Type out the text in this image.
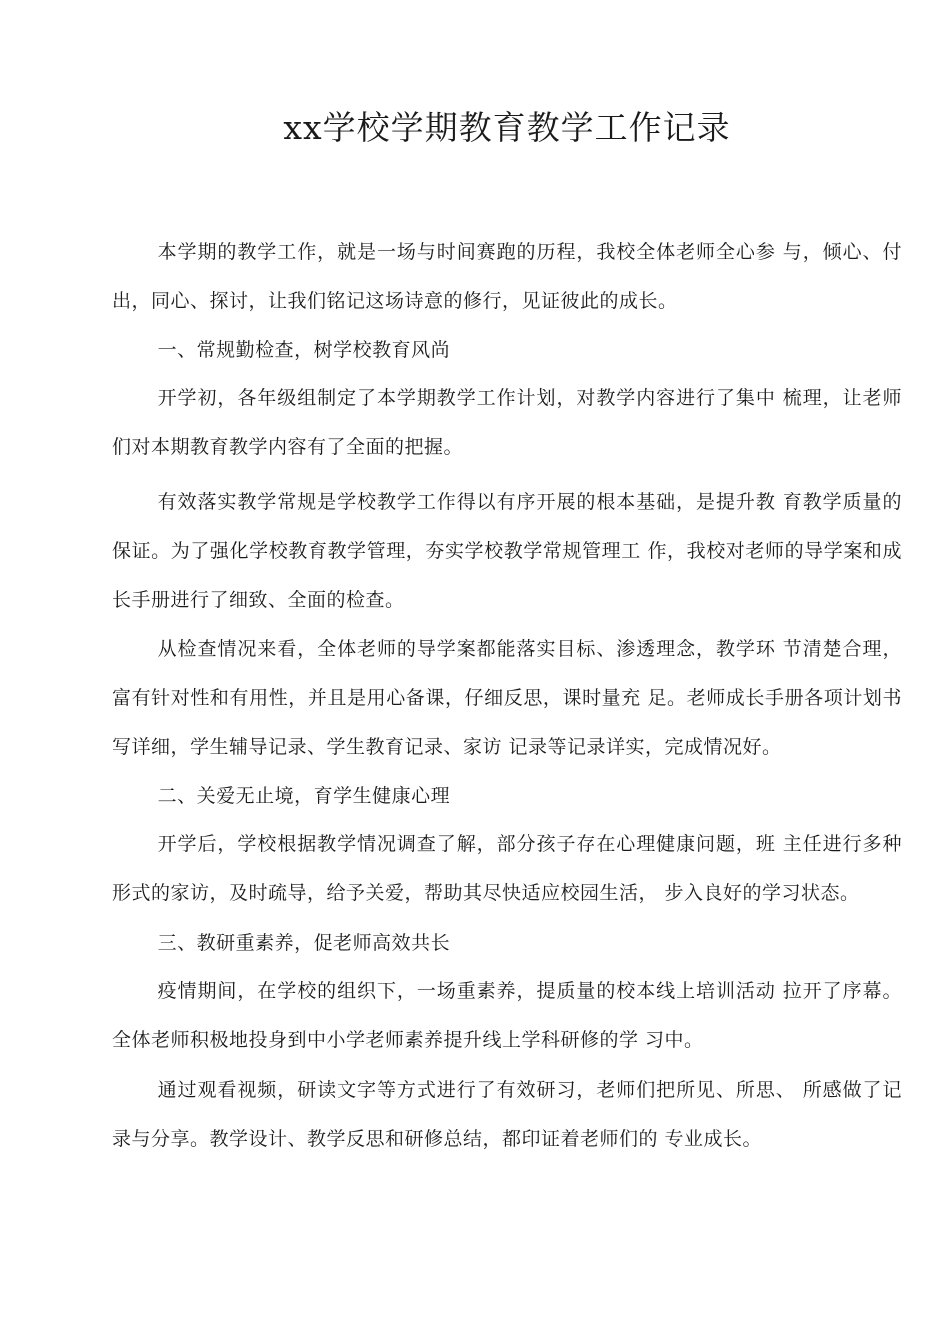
xx学校学期教育教学工作记录

本学期的教学工作，就是一场与时间赛跑的历程，我校全体老师全心参 与，倾心、付出，同心、探讨，让我们铭记这场诗意的修行，见证彼此的成长。

一、常规勤检查，树学校教育风尚

开学初，各年级组制定了本学期教学工作计划，对教学内容进行了集中 梳理，让老师们对本期教育教学内容有了全面的把握。

有效落实教学常规是学校教学工作得以有序开展的根本基础，是提升教 育教学质量的保证。为了强化学校教育教学管理，夯实学校教学常规管理工 作，我校对老师的导学案和成长手册进行了细致、全面的检查。

从检查情况来看，全体老师的导学案都能落实目标、渗透理念，教学环 节清楚合理，富有针对性和有用性，并且是用心备课，仔细反思，课时量充 足。老师成长手册各项计划书写详细，学生辅导记录、学生教育记录、家访 记录等记录详实，完成情况好。

二、关爱无止境，育学生健康心理

开学后，学校根据教学情况调查了解，部分孩子存在心理健康问题，班 主任进行多种形式的家访，及时疏导，给予关爱，帮助其尽快适应校园生活， 步入良好的学习状态。

三、教研重素养，促老师高效共长

疫情期间，在学校的组织下，一场重素养，提质量的校本线上培训活动 拉开了序幕。全体老师积极地投身到中小学老师素养提升线上学科研修的学 习中。

通过观看视频，研读文字等方式进行了有效研习，老师们把所见、所思、 所感做了记录与分享。教学设计、教学反思和研修总结，都印证着老师们的 专业成长。
